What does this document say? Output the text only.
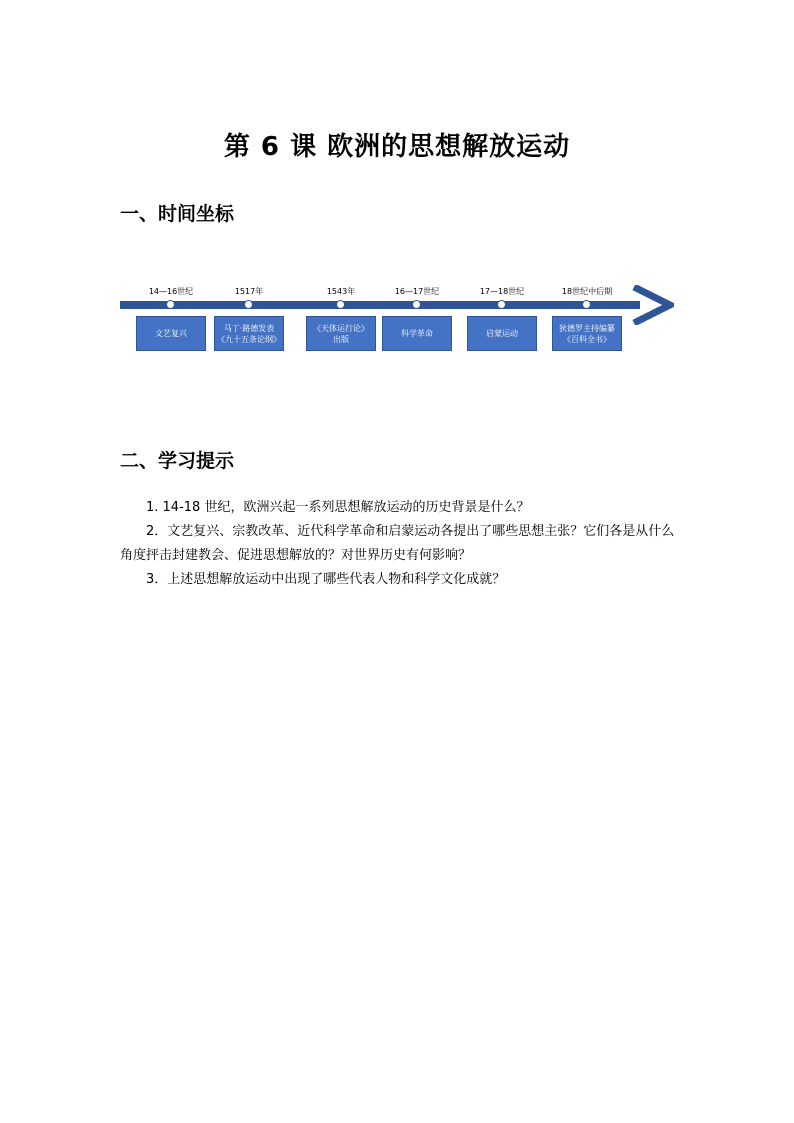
第 6 课 欧洲的思想解放运动
一、时间坐标
14—16世纪
文艺复兴
1517年
马丁·路德发表
《九十五条论纲》
1543年
《天体运行论》
出版
16—17世纪
科学革命
17—18世纪
启蒙运动
18世纪中后期
狄德罗主持编纂
《百科全书》
二、学习提示

1. 14-18 世纪，欧洲兴起一系列思想解放运动的历史背景是什么？

2．文艺复兴、宗教改革、近代科学革命和启蒙运动各提出了哪些思想主张？它们各是从什么角度抨击封建教会、促进思想解放的？对世界历史有何影响？

3．上述思想解放运动中出现了哪些代表人物和科学文化成就？
